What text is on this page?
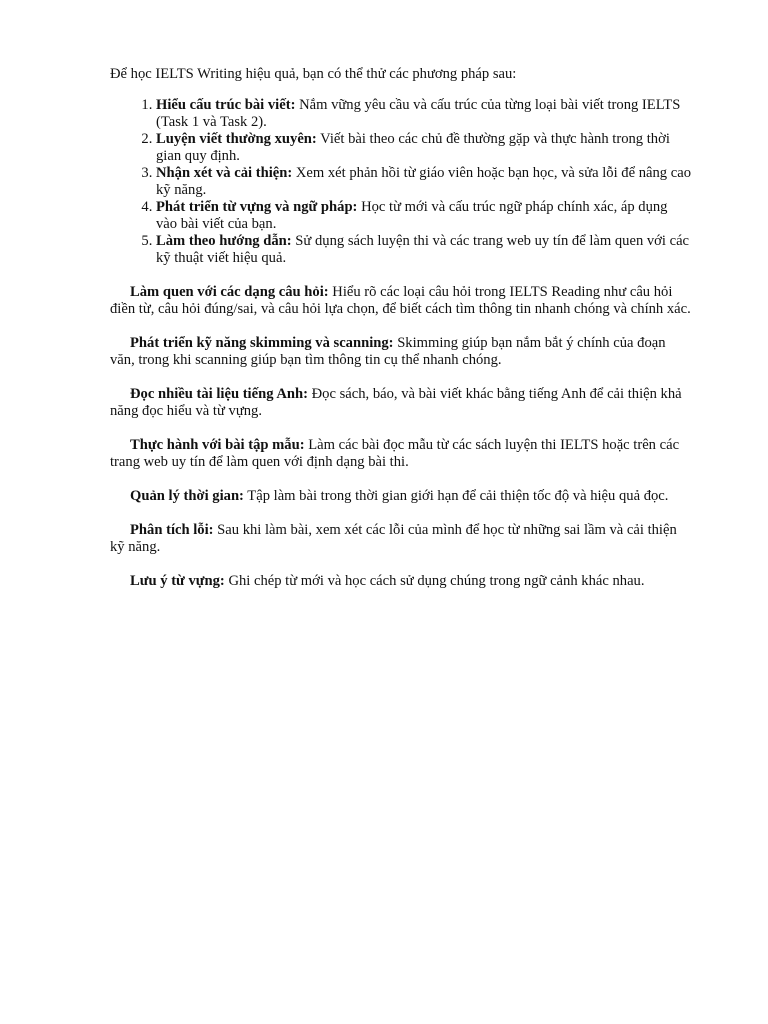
Để học IELTS Writing hiệu quả, bạn có thể thử các phương pháp sau:

1. Hiểu cấu trúc bài viết: Nắm vững yêu cầu và cấu trúc của từng loại bài viết trong IELTS (Task 1 và Task 2).
2. Luyện viết thường xuyên: Viết bài theo các chủ đề thường gặp và thực hành trong thời gian quy định.
3. Nhận xét và cải thiện: Xem xét phản hồi từ giáo viên hoặc bạn học, và sửa lỗi để nâng cao kỹ năng.
4. Phát triển từ vựng và ngữ pháp: Học từ mới và cấu trúc ngữ pháp chính xác, áp dụng vào bài viết của bạn.
5. Làm theo hướng dẫn: Sử dụng sách luyện thi và các trang web uy tín để làm quen với các kỹ thuật viết hiệu quả.

Làm quen với các dạng câu hỏi: Hiểu rõ các loại câu hỏi trong IELTS Reading như câu hỏi điền từ, câu hỏi đúng/sai, và câu hỏi lựa chọn, để biết cách tìm thông tin nhanh chóng và chính xác.

Phát triển kỹ năng skimming và scanning: Skimming giúp bạn nắm bắt ý chính của đoạn văn, trong khi scanning giúp bạn tìm thông tin cụ thể nhanh chóng.

Đọc nhiều tài liệu tiếng Anh: Đọc sách, báo, và bài viết khác bằng tiếng Anh để cải thiện khả năng đọc hiểu và từ vựng.

Thực hành với bài tập mẫu: Làm các bài đọc mẫu từ các sách luyện thi IELTS hoặc trên các trang web uy tín để làm quen với định dạng bài thi.

Quản lý thời gian: Tập làm bài trong thời gian giới hạn để cải thiện tốc độ và hiệu quả đọc.

Phân tích lỗi: Sau khi làm bài, xem xét các lỗi của mình để học từ những sai lầm và cải thiện kỹ năng.

Lưu ý từ vựng: Ghi chép từ mới và học cách sử dụng chúng trong ngữ cảnh khác nhau.
